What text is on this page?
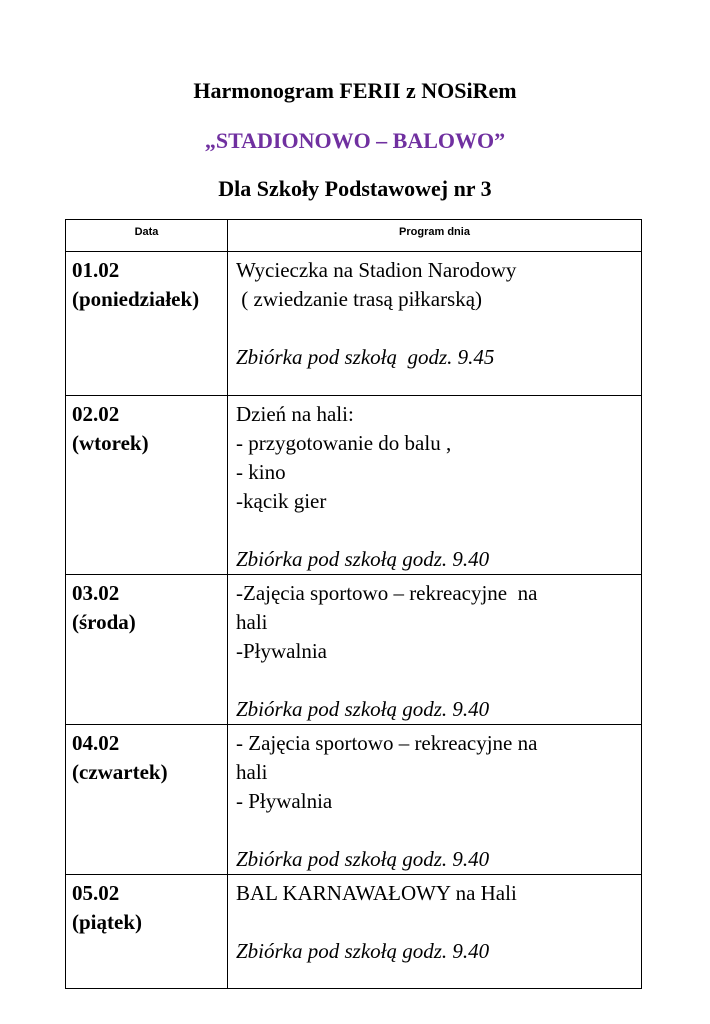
Harmonogram FERII z NOSiRem
„STADIONOWO – BALOWO”
Dla Szkoły Podstawowej nr 3
Data	Program dnia

01.02
(poniedziałek)	Wycieczka na Stadion Narodowy
( zwiedzanie trasą piłkarską)
Zbiórka pod szkołą  godz. 9.45

02.02
(wtorek)	Dzień na hali:
- przygotowanie do balu ,
- kino
-kącik gier
Zbiórka pod szkołą godz. 9.40

03.02
(środa)	-Zajęcia sportowo – rekreacyjne  na
hali
-Pływalnia
Zbiórka pod szkołą godz. 9.40

04.02
(czwartek)	- Zajęcia sportowo – rekreacyjne na
hali
- Pływalnia
Zbiórka pod szkołą godz. 9.40

05.02
(piątek)	BAL KARNAWAŁOWY na Hali
Zbiórka pod szkołą godz. 9.40
